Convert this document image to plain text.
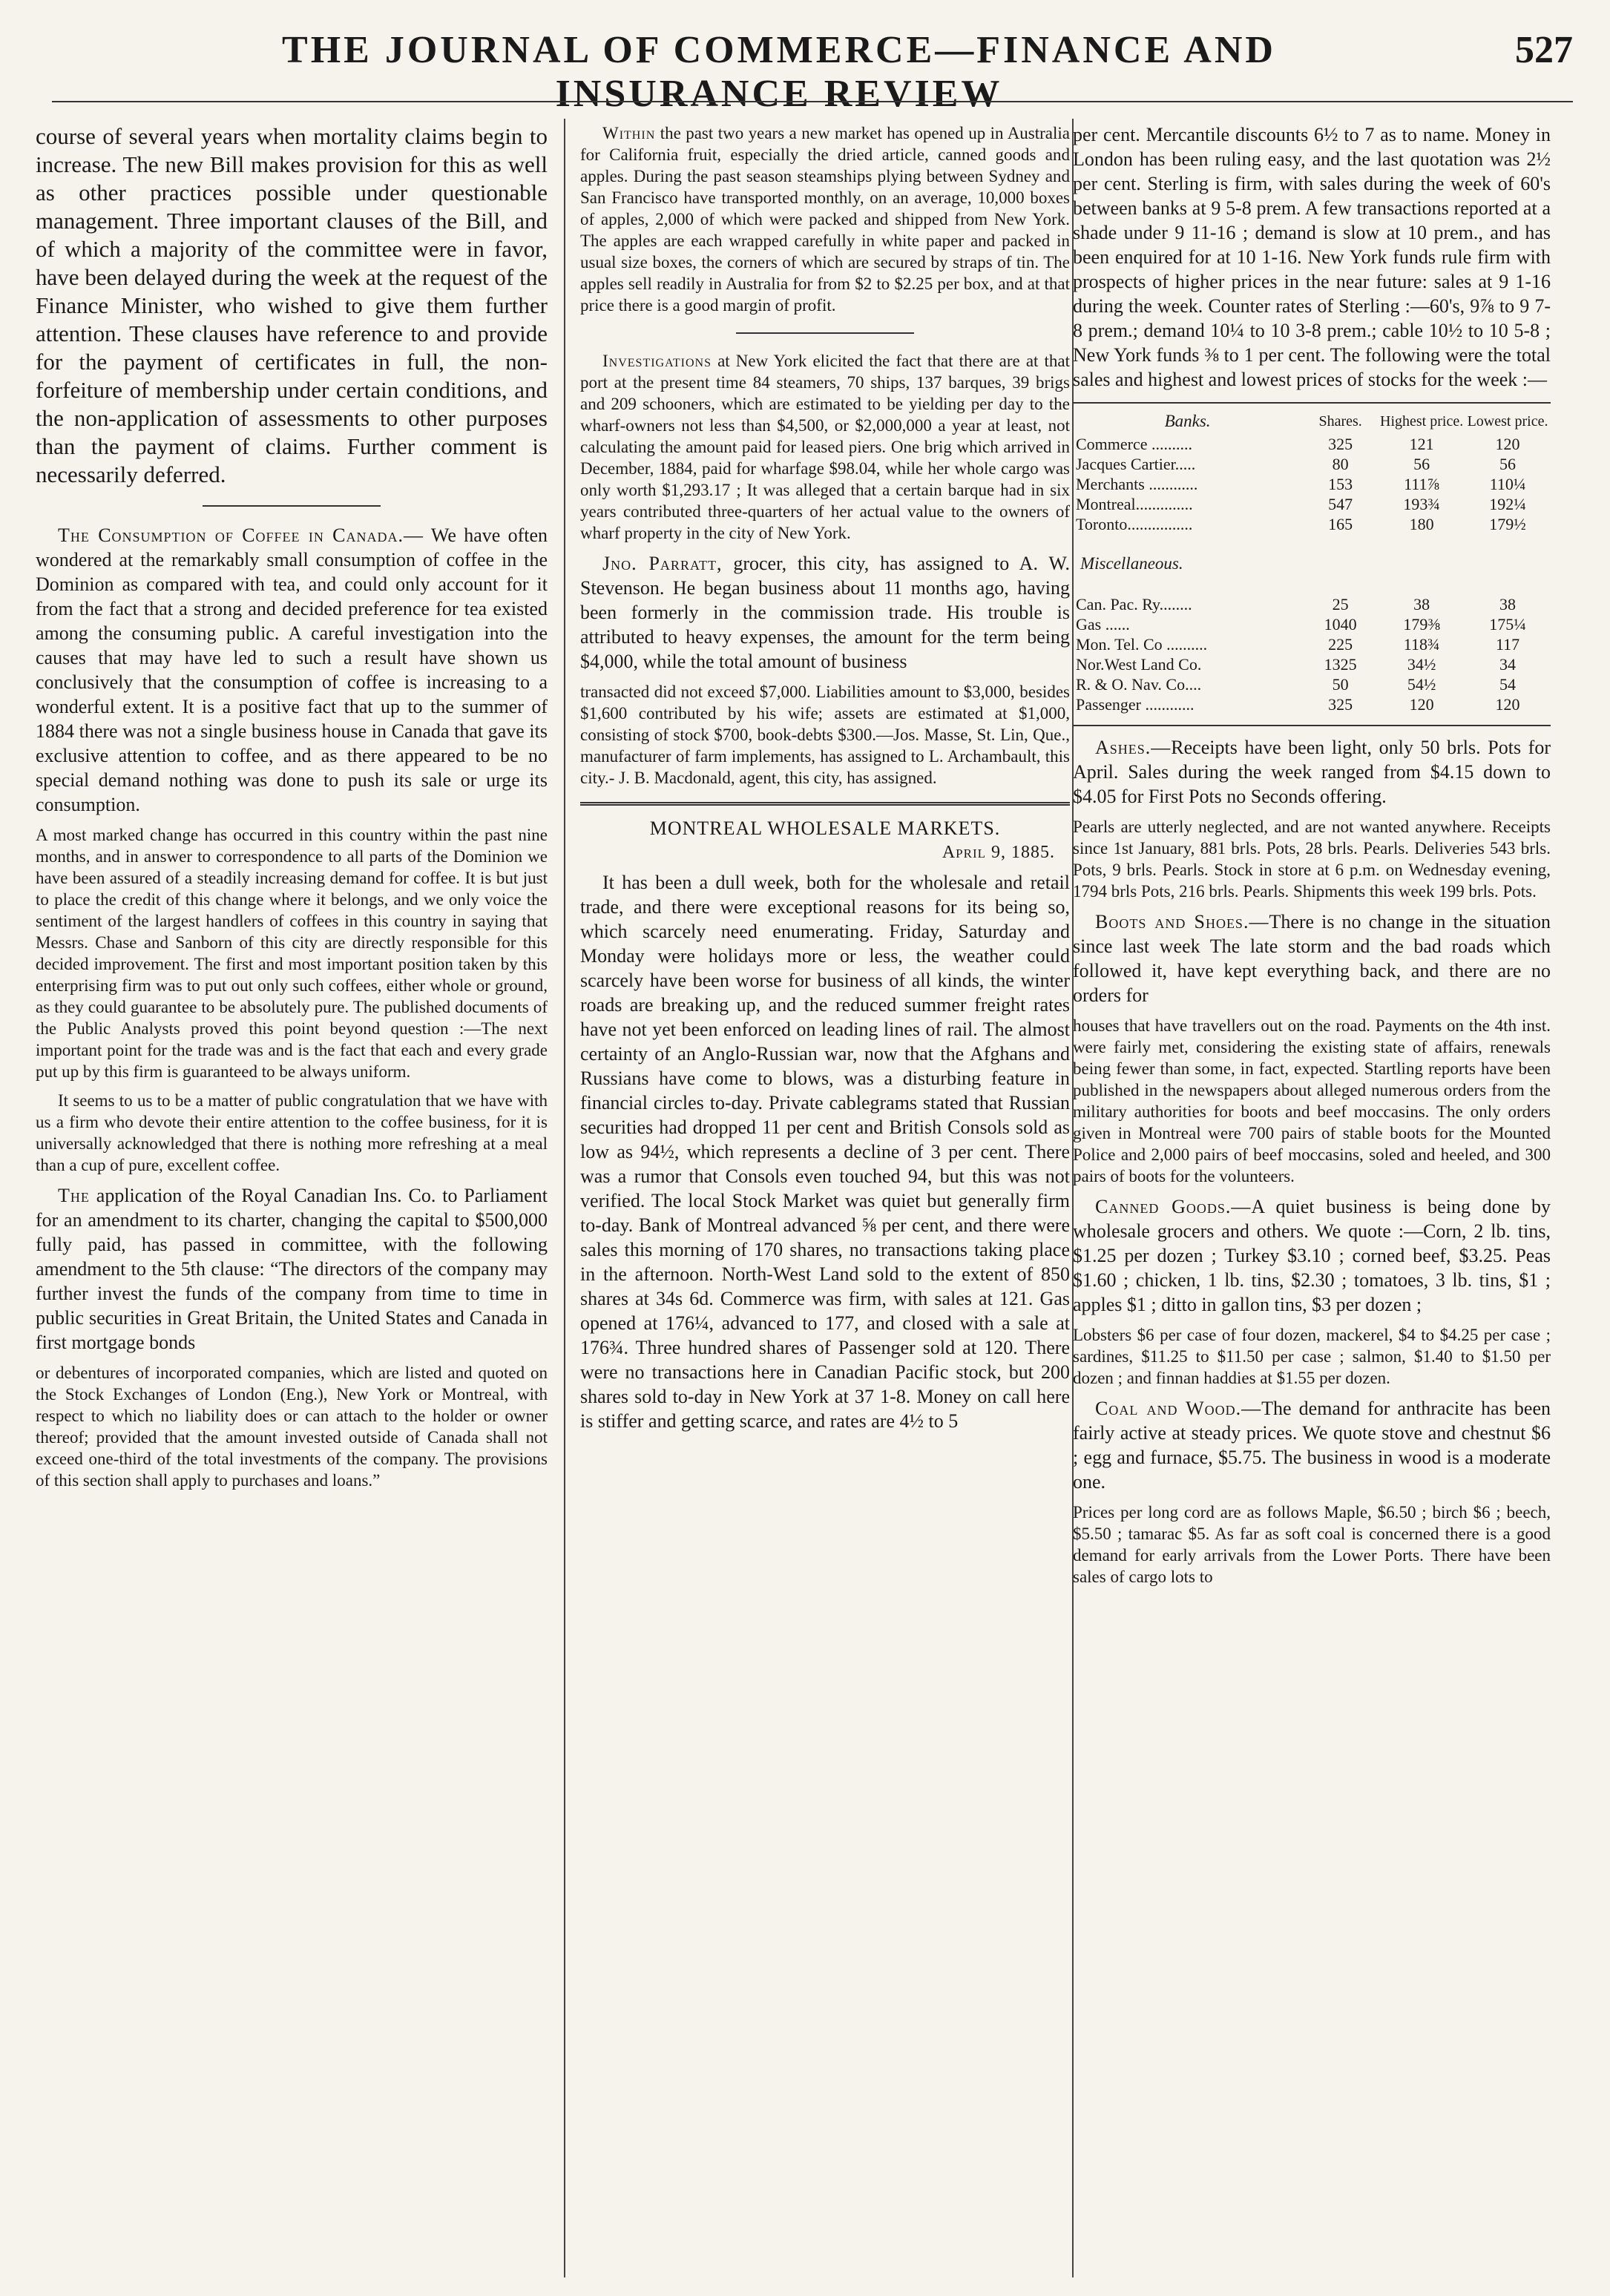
THE JOURNAL OF COMMERCE—FINANCE AND INSURANCE REVIEW
527

course of several years when mortality claims begin to increase. The new Bill makes provision for this as well as other practices possible under questionable management. Three important clauses of the Bill, and of which a majority of the committee were in favor, have been delayed during the week at the request of the Finance Minister, who wished to give them further attention. These clauses have reference to and provide for the payment of certificates in full, the non-forfeiture of membership under certain conditions, and the non-application of assessments to other purposes than the payment of claims. Further comment is necessarily deferred.

The Consumption of Coffee in Canada.— We have often wondered at the remarkably small consumption of coffee in the Dominion as compared with tea, and could only account for it from the fact that a strong and decided preference for tea existed among the consuming public. A careful investigation into the causes that may have led to such a result have shown us conclusively that the consumption of coffee is increasing to a wonderful extent. It is a positive fact that up to the summer of 1884 there was not a single business house in Canada that gave its exclusive attention to coffee, and as there appeared to be no special demand nothing was done to push its sale or urge its consumption.

A most marked change has occurred in this country within the past nine months, and in answer to correspondence to all parts of the Dominion we have been assured of a steadily increasing demand for coffee. It is but just to place the credit of this change where it belongs, and we only voice the sentiment of the largest handlers of coffees in this country in saying that Messrs. Chase and Sanborn of this city are directly responsible for this decided improvement. The first and most important position taken by this enterprising firm was to put out only such coffees, either whole or ground, as they could guarantee to be absolutely pure. The published documents of the Public Analysts proved this point beyond question :—The next important point for the trade was and is the fact that each and every grade put up by this firm is guaranteed to be always uniform.

It seems to us to be a matter of public congratulation that we have with us a firm who devote their entire attention to the coffee business, for it is universally acknowledged that there is nothing more refreshing at a meal than a cup of pure, excellent coffee.

The application of the Royal Canadian Ins. Co. to Parliament for an amendment to its charter, changing the capital to $500,000 fully paid, has passed in committee, with the following amendment to the 5th clause: “The directors of the company may further invest the funds of the company from time to time in public securities in Great Britain, the United States and Canada in first mortgage bonds

or debentures of incorporated companies, which are listed and quoted on the Stock Exchanges of London (Eng.), New York or Montreal, with respect to which no liability does or can attach to the holder or owner thereof; provided that the amount invested outside of Canada shall not exceed one-third of the total investments of the company. The provisions of this section shall apply to purchases and loans.”

Within the past two years a new market has opened up in Australia for California fruit, especially the dried article, canned goods and apples. During the past season steamships plying between Sydney and San Francisco have transported monthly, on an average, 10,000 boxes of apples, 2,000 of which were packed and shipped from New York. The apples are each wrapped carefully in white paper and packed in usual size boxes, the corners of which are secured by straps of tin. The apples sell readily in Australia for from $2 to $2.25 per box, and at that price there is a good margin of profit.

Investigations at New York elicited the fact that there are at that port at the present time 84 steamers, 70 ships, 137 barques, 39 brigs and 209 schooners, which are estimated to be yielding per day to the wharf-owners not less than $4,500, or $2,000,000 a year at least, not calculating the amount paid for leased piers. One brig which arrived in December, 1884, paid for wharfage $98.04, while her whole cargo was only worth $1,293.17 ; It was alleged that a certain barque had in six years contributed three-quarters of her actual value to the owners of wharf property in the city of New York.

Jno. Parratt, grocer, this city, has assigned to A. W. Stevenson. He began business about 11 months ago, having been formerly in the commission trade. His trouble is attributed to heavy expenses, the amount for the term being $4,000, while the total amount of business

transacted did not exceed $7,000. Liabilities amount to $3,000, besides $1,600 contributed by his wife; assets are estimated at $1,000, consisting of stock $700, book-debts $300.—Jos. Masse, St. Lin, Que., manufacturer of farm implements, has assigned to L. Archambault, this city.- J. B. Macdonald, agent, this city, has assigned.

MONTREAL WHOLESALE MARKETS.
April 9, 1885.

It has been a dull week, both for the wholesale and retail trade, and there were exceptional reasons for its being so, which scarcely need enumerating. Friday, Saturday and Monday were holidays more or less, the weather could scarcely have been worse for business of all kinds, the winter roads are breaking up, and the reduced summer freight rates have not yet been enforced on leading lines of rail. The almost certainty of an Anglo-Russian war, now that the Afghans and Russians have come to blows, was a disturbing feature in financial circles to-day. Private cablegrams stated that Russian securities had dropped 11 per cent and British Consols sold as low as 94½, which represents a decline of 3 per cent. There was a rumor that Consols even touched 94, but this was not verified. The local Stock Market was quiet but generally firm to-day. Bank of Montreal advanced ⅝ per cent, and there were sales this morning of 170 shares, no transactions taking place in the afternoon. North-West Land sold to the extent of 850 shares at 34s 6d. Commerce was firm, with sales at 121. Gas opened at 176¼, advanced to 177, and closed with a sale at 176¾. Three hundred shares of Passenger sold at 120. There were no transactions here in Canadian Pacific stock, but 200 shares sold to-day in New York at 37 1-8. Money on call here is stiffer and getting scarce, and rates are 4½ to 5

per cent. Mercantile discounts 6½ to 7 as to name. Money in London has been ruling easy, and the last quotation was 2½ per cent. Sterling is firm, with sales during the week of 60's between banks at 9 5-8 prem. A few transactions reported at a shade under 9 11-16 ; demand is slow at 10 prem., and has been enquired for at 10 1-16. New York funds rule firm with prospects of higher prices in the near future: sales at 9 1-16 during the week. Counter rates of Sterling :—60's, 9⅞ to 9 7-8 prem.; demand 10¼ to 10 3-8 prem.; cable 10½ to 10 5-8 ; New York funds ⅜ to 1 per cent. The following were the total sales and highest and lowest prices of stocks for the week :—

Banks.	Shares.	Highest price.	Lowest price.
Commerce ..........	325	121	120
Jacques Cartier.....	80	56	56
Merchants ............	153	111⅞	110¼
Montreal..............	547	193¾	192¼
Toronto................	165	180	179½
Miscellaneous.			
Can. Pac. Ry........	25	38	38
Gas ......	1040	179⅜	175¼
Mon. Tel. Co ..........	225	118¾	117
Nor.West Land Co.	1325	34½	34
R. & O. Nav. Co....	50	54½	54
Passenger ............	325	120	120

Ashes.—Receipts have been light, only 50 brls. Pots for April. Sales during the week ranged from $4.15 down to $4.05 for First Pots no Seconds offering.

Pearls are utterly neglected, and are not wanted anywhere. Receipts since 1st January, 881 brls. Pots, 28 brls. Pearls. Deliveries 543 brls. Pots, 9 brls. Pearls. Stock in store at 6 p.m. on Wednesday evening, 1794 brls Pots, 216 brls. Pearls. Shipments this week 199 brls. Pots.

Boots and Shoes.—There is no change in the situation since last week The late storm and the bad roads which followed it, have kept everything back, and there are no orders for

houses that have travellers out on the road. Payments on the 4th inst. were fairly met, considering the existing state of affairs, renewals being fewer than some, in fact, expected. Startling reports have been published in the newspapers about alleged numerous orders from the military authorities for boots and beef moccasins. The only orders given in Montreal were 700 pairs of stable boots for the Mounted Police and 2,000 pairs of beef moccasins, soled and heeled, and 300 pairs of boots for the volunteers.

Canned Goods.—A quiet business is being done by wholesale grocers and others. We quote :—Corn, 2 lb. tins, $1.25 per dozen ; Turkey $3.10 ; corned beef, $3.25. Peas $1.60 ; chicken, 1 lb. tins, $2.30 ; tomatoes, 3 lb. tins, $1 ; apples $1 ; ditto in gallon tins, $3 per dozen ;

Lobsters $6 per case of four dozen, mackerel, $4 to $4.25 per case ; sardines, $11.25 to $11.50 per case ; salmon, $1.40 to $1.50 per dozen ; and finnan haddies at $1.55 per dozen.

Coal and Wood.—The demand for anthracite has been fairly active at steady prices. We quote stove and chestnut $6 ; egg and furnace, $5.75. The business in wood is a moderate one.

Prices per long cord are as follows Maple, $6.50 ; birch $6 ; beech, $5.50 ; tamarac $5. As far as soft coal is concerned there is a good demand for early arrivals from the Lower Ports. There have been sales of cargo lots to
